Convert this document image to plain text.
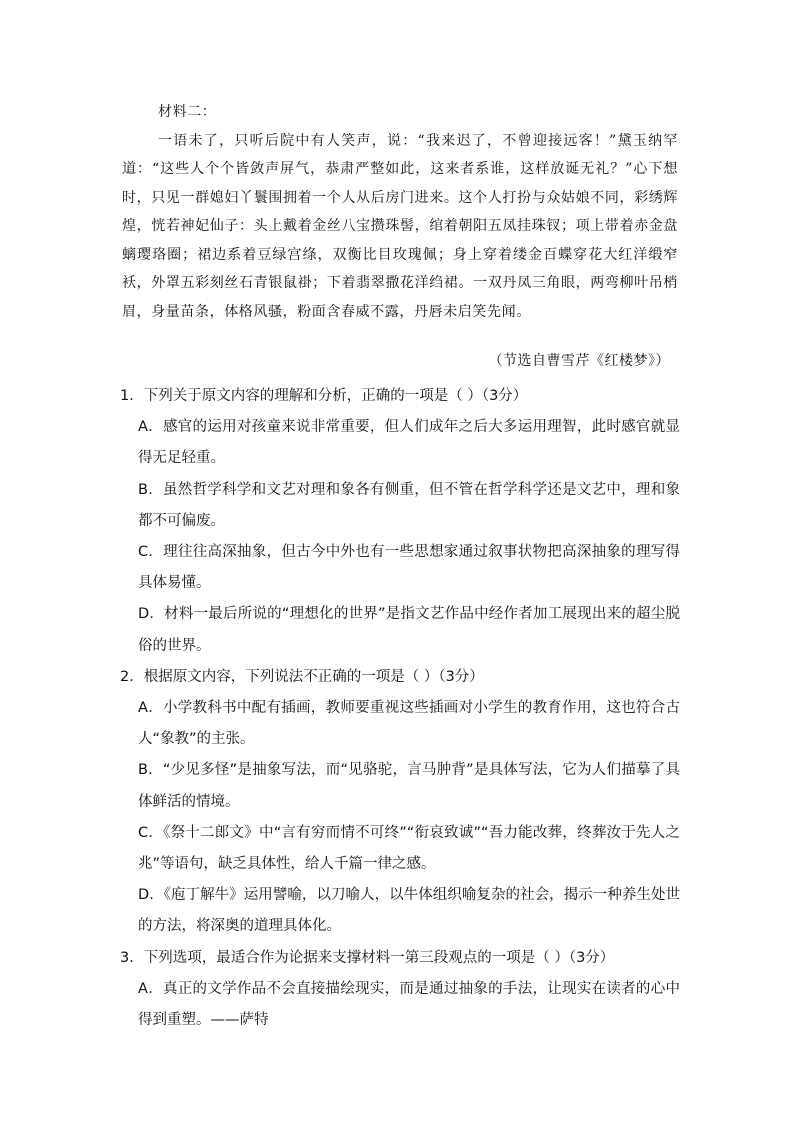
材料二：

一语未了，只听后院中有人笑声，说：“我来迟了，不曾迎接远客！”黛玉纳罕道：“这些人个个皆敛声屏气，恭肃严整如此，这来者系谁，这样放诞无礼？”心下想时，只见一群媳妇丫鬟围拥着一个人从后房门进来。这个人打扮与众姑娘不同，彩绣辉煌，恍若神妃仙子：头上戴着金丝八宝攒珠髻，绾着朝阳五凤挂珠钗；项上带着赤金盘螭璎珞圈；裙边系着豆绿宫绦，双衡比目玫瑰佩；身上穿着缕金百蝶穿花大红洋缎窄袄，外罩五彩刻丝石青银鼠褂；下着翡翠撒花洋绉裙。一双丹凤三角眼，两弯柳叶吊梢眉，身量苗条，体格风骚，粉面含春威不露，丹唇未启笑先闻。

（节选自曹雪芹《红楼梦》）

1．下列关于原文内容的理解和分析，正确的一项是（ ）（3分）

A．感官的运用对孩童来说非常重要，但人们成年之后大多运用理智，此时感官就显得无足轻重。

B．虽然哲学科学和文艺对理和象各有侧重，但不管在哲学科学还是文艺中，理和象都不可偏废。

C．理往往高深抽象，但古今中外也有一些思想家通过叙事状物把高深抽象的理写得具体易懂。

D．材料一最后所说的“理想化的世界”是指文艺作品中经作者加工展现出来的超尘脱俗的世界。

2．根据原文内容，下列说法不正确的一项是（ ）（3分）

A．小学教科书中配有插画，教师要重视这些插画对小学生的教育作用，这也符合古人“象教”的主张。

B．“少见多怪”是抽象写法，而“见骆驼，言马肿背”是具体写法，它为人们描摹了具体鲜活的情境。

C．《祭十二郎文》中“言有穷而情不可终”“衔哀致诚”“吾力能改葬，终葬汝于先人之兆”等语句，缺乏具体性，给人千篇一律之感。

D．《庖丁解牛》运用譬喻，以刀喻人，以牛体组织喻复杂的社会，揭示一种养生处世的方法，将深奥的道理具体化。

3．下列选项，最适合作为论据来支撑材料一第三段观点的一项是（ ）（3分）

A．真正的文学作品不会直接描绘现实，而是通过抽象的手法，让现实在读者的心中得到重塑。——萨特
